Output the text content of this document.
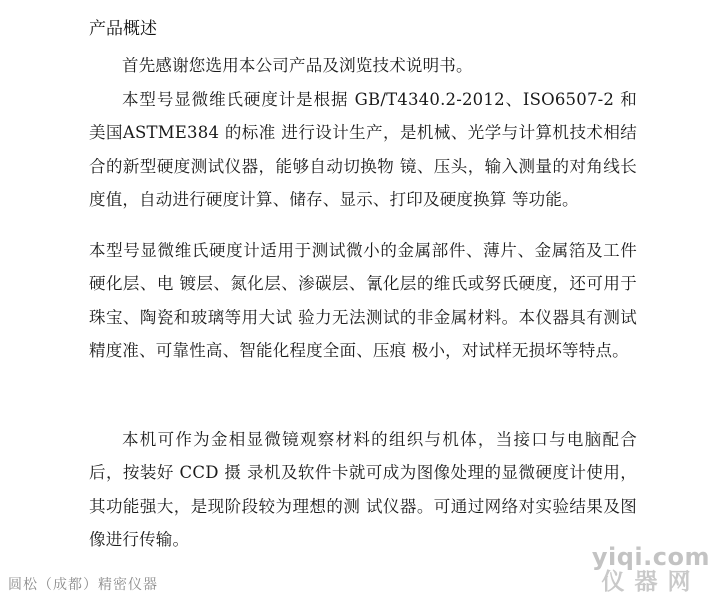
产品概述

首先感谢您选用本公司产品及浏览技术说明书。

本型号显微维氏硬度计是根据 GB/T4340.2-2012、ISO6507-2 和美国ASTME384 的标准 进行设计生产，是机械、光学与计算机技术相结合的新型硬度测试仪器，能够自动切换物 镜、压头，输入测量的对角线长度值，自动进行硬度计算、储存、显示、打印及硬度换算 等功能。

本型号显微维氏硬度计适用于测试微小的金属部件、薄片、金属箔及工件硬化层、电 镀层、氮化层、渗碳层、氰化层的维氏或努氏硬度，还可用于珠宝、陶瓷和玻璃等用大试 验力无法测试的非金属材料。本仪器具有测试精度准、可靠性高、智能化程度全面、压痕 极小，对试样无损坏等特点。

本机可作为金相显微镜观察材料的组织与机体，当接口与电脑配合后，按装好 CCD 摄 录机及软件卡就可成为图像处理的显微硬度计使用，其功能强大，是现阶段较为理想的测 试仪器。可通过网络对实验结果及图像进行传输。

圆松（成都）精密仪器
yiqi.com
仪器网
